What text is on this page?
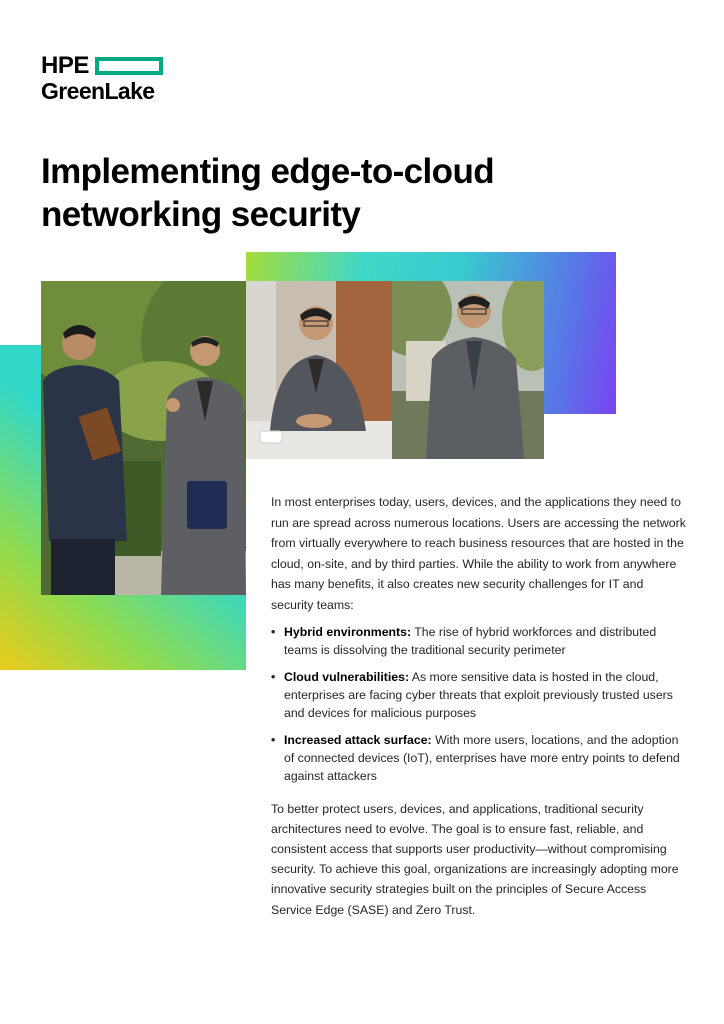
HPE
GreenLake
Implementing edge-to-cloud
networking security

In most enterprises today, users, devices, and the applications they need to run are spread across numerous locations. Users are accessing the network from virtually everywhere to reach business resources that are hosted in the cloud, on-site, and by third parties. While the ability to work from anywhere has many benefits, it also creates new security challenges for IT and security teams:

• Hybrid environments: The rise of hybrid workforces and distributed teams is dissolving the traditional security perimeter
• Cloud vulnerabilities: As more sensitive data is hosted in the cloud, enterprises are facing cyber threats that exploit previously trusted users and devices for malicious purposes
• Increased attack surface: With more users, locations, and the adoption of connected devices (IoT), enterprises have more entry points to defend against attackers

To better protect users, devices, and applications, traditional security architectures need to evolve. The goal is to ensure fast, reliable, and consistent access that supports user productivity—without compromising security. To achieve this goal, organizations are increasingly adopting more innovative security strategies built on the principles of Secure Access Service Edge (SASE) and Zero Trust.
